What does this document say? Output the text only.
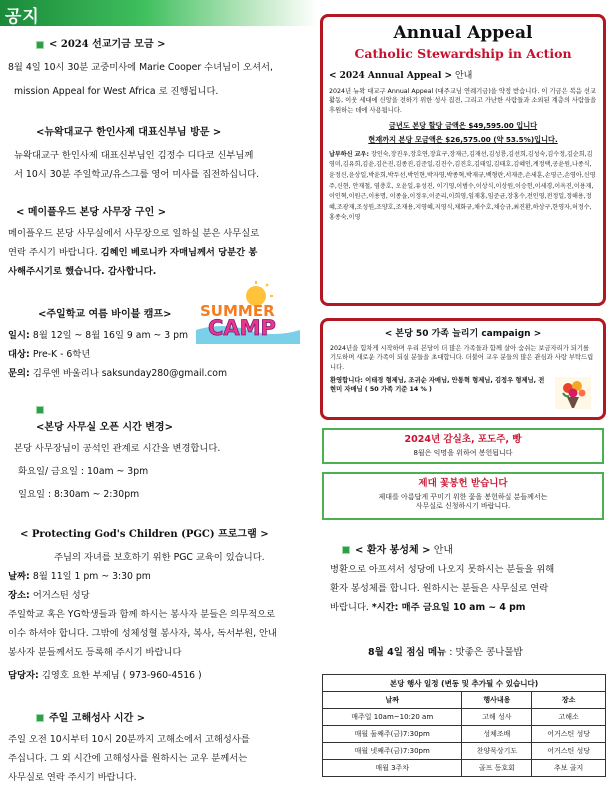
공지
< 2024 선교기금 모금 >
8월 4일 10시 30분 교중미사에 Marie Cooper 수녀님이 오셔서,
mission Appeal for West Africa 로 진행됩니다.
<뉴왁대교구 한인사제 대표신부님 방문 >
뉴왁대교구 한인사제 대표신부님인 김정수 디다코 신부님께
서 10시 30분 주일학교/유스그룹 영어 미사를 집전하십니다.
< 메이플우드 본당 사무장 구인 >
메이플우드 본당 사무실에서 사무장으로 일하실 분은 사무실로
연락 주시기 바랍니다. 김혜인 베로니카 자매님께서 당분간 봉
사해주시기로 했습니다. 감사합니다.
<주일학교 여름 바이블 캠프>
일시: 8월 12일 ~ 8월 16일 9 am ~ 3 pm
대상: Pre-K - 6학년
문의: 김루엔 바울리나 saksunday280@gmail.com
<본당 사무실 오픈 시간 변경>
본당 사무장님이 공석인 관계로 시간을 변경합니다.
화요일/ 금요일 : 10am ~ 3pm
일요일 : 8:30am ~ 2:30pm
< Protecting God's Children (PGC) 프로그램 >
주님의 자녀를 보호하기 위한 PGC 교육이 있습니다.
날짜: 8월 11일 1 pm ~ 3:30 pm
장소: 어거스틴 성당
주일학교 혹은 YG학생들과 함께 하시는 봉사자 분들은 의무적으로
이수 하셔야 합니다. 그밖에 성체성혈 봉사자, 복사, 독서부원, 안내
봉사자 분들께서도 등록해 주시기 바랍니다
담당자: 김영호 요한 부제님 ( 973-960-4516 )
주일 고해성사 시간 >
주일 오전 10시부터 10시 20분까지 고해소에서 고해성사를
주십니다. 그 외 시간에 고해성사를 원하시는 교우 분께서는
사무실로 연락 주시기 바랍니다.
SUMMER
CAMP
Annual Appeal
Catholic Stewardship in Action
< 2024 Annual Appeal > 안내
2024년 뉴왁 대교구 Annual Appeal (대주교님 연례기금)을 약정 받습니다. 이 기금은 복음 선교 활동, 이웃 세대에 신앙을 전하기 위한 성사 집전, 그리고 가난한 사람들과 소외된 계층의 사람들을 후원하는 데에 사용됩니다.
금년도 본당 할당 금액은 $49,595.00 입니다
현재까지 본당 모금액은 $26,575.00 (약 53.5%)입니다.
납부하신 교우: 장인숙,장진우,장호연,장효구,장재근,김재선,김성룡,김선희,김성숙,김수정,김순희,김영미,김유희,김윤,김은진,김종진,김준일,김진수,김진호,김태일,김태호,김혜인,계정택,공윤원,나종식,윤정신,윤상일,박윤희,박두선,박인현,박자영,박종혁,박재규,백형란,서재준,손세훈,손영근,손영아,신영주,신현, 안재철, 염충호, 오윤일,유성진, 이기영,이범수,이상식,이상원,이승헌,이세경,이옥진,이용재,이인혁,이원근,이용명, 이종을,이정우,이준리,이희영,임재홍,임준균,장홍수,전인영,전정일,정해용,정혜,조광재,조성원,조양호,조재용,지영혜,지영식,채화규,채수호,채승규,최진환,하상구,한영자,허정수,홍종숙,이영
< 본당 50 가족 늘리기 campaign >
2024년을 힘차게 시작하며 우리 본당이 더 많은 가족들과 함께 살아 숨쉬는 보금자리가 되기를 기도하며 새로운 가족이 되실 분들을 초대합니다. 더불어 교우 분들의 많은 관심과 사랑 부탁드립니다.
환영합니다: 이태경 형제님, 조귀순 자매님, 안통혁 형제님, 김정우 형제님, 전현미 자매님 ( 50 가족 기준 14 % )
2024년 감실초, 포도주, 빵
8월은 익명을 위하여 봉헌됩니다
제대 꽃봉헌 받습니다
제대를 아름답게 꾸미기 위한 꽃을 봉헌하실 분들께서는
사무실로 신청하시기 바랍니다.
< 환자 봉성체 > 안내
병환으로 아프셔서 성당에 나오지 못하시는 분들을 위해
환자 봉성체를 합니다. 원하시는 분들은 사무실로 연락
바랍니다. *시간: 매주 금요일 10 am ~ 4 pm
8월 4일 점심 메뉴 : 맛좋은 콩나물밥
본당 행사 일정 (변동 및 추가될 수 있습니다)		
날짜	행사내용	장소
매주일 10am~10:20 am	고해 성사	고해소
매월 둘째주(금)7:30pm	성체조배	어거스틴 성당
매월 넷째주(금)7:30pm	찬양묵상기도	어거스틴 성당
매월 3주차	골프 동호회	추보 골지
